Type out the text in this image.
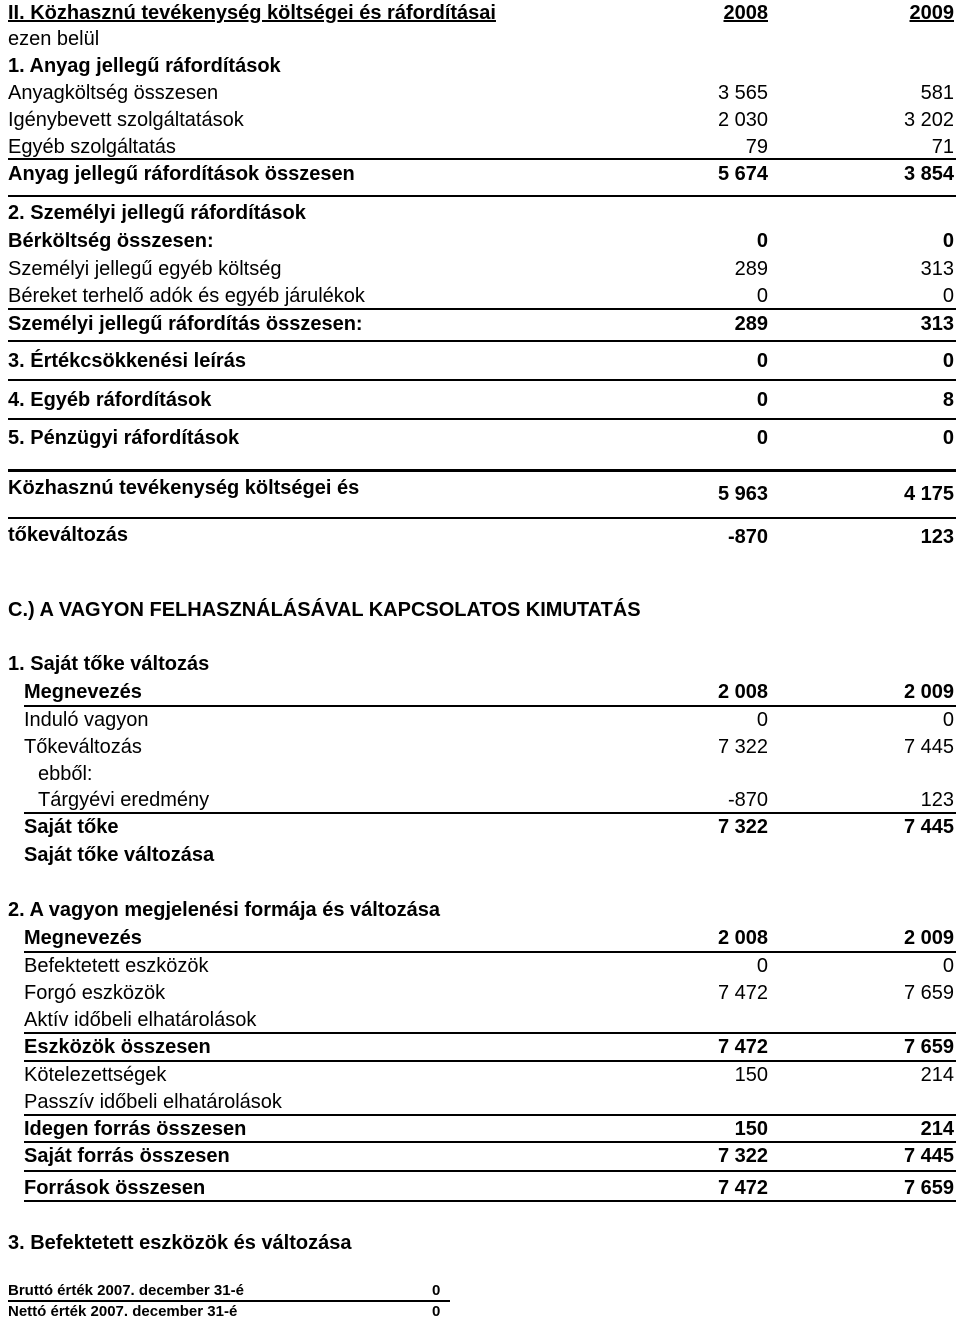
II. Közhasznú tevékenység költségei és ráfordításai	2008	2009
ezen belül
1. Anyag jellegű ráfordítások
Anyagköltség összesen	3 565	581
Igénybevett szolgáltatások	2 030	3 202
Egyéb szolgáltatás	79	71
Anyag jellegű ráfordítások összesen	5 674	3 854
2. Személyi jellegű ráfordítások
Bérköltség összesen:	0	0
Személyi jellegű egyéb költség	289	313
Béreket terhelő adók és egyéb járulékok	0	0
Személyi jellegű ráfordítás összesen:	289	313
3. Értékcsökkenési leírás	0	0
4. Egyéb ráfordítások	0	8
5. Pénzügyi ráfordítások	0	0
Közhasznú tevékenység költségei és	5 963	4 175
tőkeváltozás	-870	123
C.) A VAGYON FELHASZNÁLÁSÁVAL KAPCSOLATOS KIMUTATÁS
1. Saját tőke változás
Megnevezés	2 008	2 009
Induló vagyon	0	0
Tőkeváltozás	7 322	7 445
ebből:
Tárgyévi eredmény	-870	123
Saját tőke	7 322	7 445
Saját tőke változása
2. A vagyon megjelenési formája és változása
Megnevezés	2 008	2 009
Befektetett eszközök	0	0
Forgó eszközök	7 472	7 659
Aktív időbeli elhatárolások
Eszközök összesen	7 472	7 659
Kötelezettségek	150	214
Passzív időbeli elhatárolások
Idegen forrás összesen	150	214
Saját forrás összesen	7 322	7 445
Források összesen	7 472	7 659
3. Befektetett eszközök és változása
Bruttó érték 2007. december 31-é	0
Nettó érték 2007. december 31-é	0
